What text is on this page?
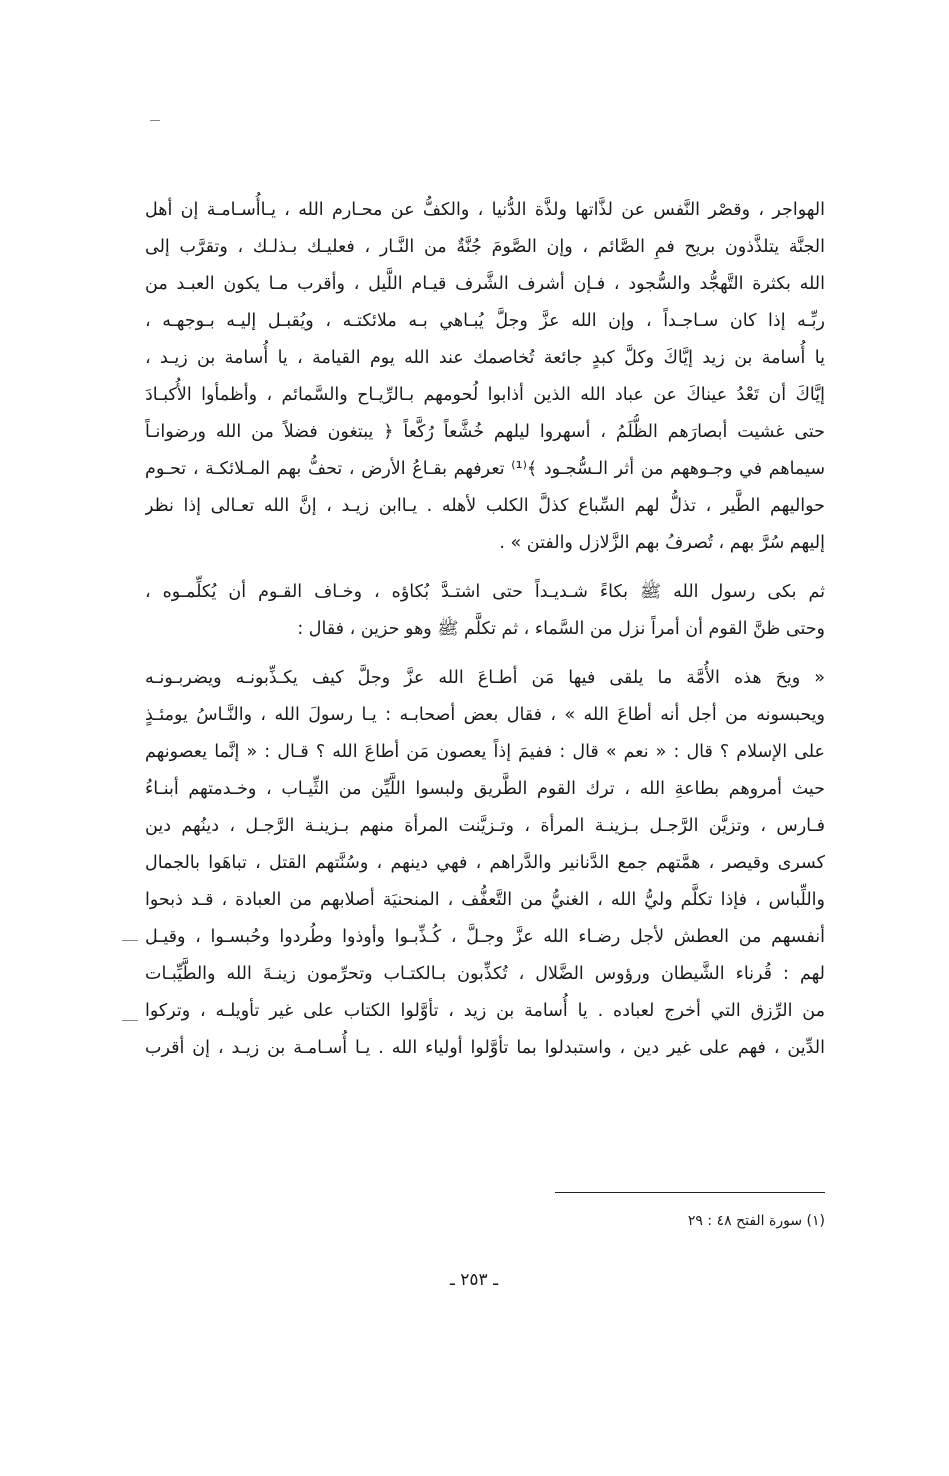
الهواجر ، وقصْر النَّفس عن لذَّاتها ولذَّة الدُّنيا ، والكفُّ عن محـارم الله ، يـاأُسـامـة إن أهل
الجنَّة يتلذَّذون بريح فمِ الصَّائم ، وإن الصَّومَ جُنَّةٌ من النَّـار ، فعليـك بـذلـك ، وتقرَّب إلى
الله بكثرة التَّهجُّد والسُّجود ، فـإن أشرف الشَّرف قيـام اللَّيل ، وأقرب مـا يكون العبـد من
ربِّـه إذا كان سـاجـداً ، وإن الله عزَّ وجلَّ يُبـاهي بـه ملائكتـه ، ويُقبـل إليـه بـوجهـه ،
يا أُسامة بن زيد إيَّاكَ وكلَّ كبدٍ جائعة تُخاصمك عند الله يوم القيامة ، يا أُسامة بن زيـد ،
إيَّاكَ أن تَعْدُ عيناكَ عن عباد الله الذين أذابوا لُحومهم بـالرِّيـاح والسَّمائم ، وأظمأوا الأُكبـادَ
حتى غشيت أبصارَهم الظُّلَمُ ، أسهروا ليلهم خُشَّعاً رُكَّعاً ﴿ يبتغون فضلاً من الله ورضوانـاً
سيماهم في وجـوههم من أثر الـسُّجـود ﴾⁽¹⁾ تعرفهم بقـاعُ الأرض ، تحفُّ بهم المـلائكـة ، تحـوم
حواليهم الطَّير ، تذلُّ لهم السِّباع كذلَّ الكلب لأهله . يـاابن زيـد ، إنَّ الله تعـالى إذا نظر
إليهم سُرَّ بهم ، تُصرفُ بهم الزَّلازل والفتن » .
ثم بكى رسول الله ﷺ بكاءً شـديـداً حتى اشتـدَّ بُكاؤه ، وخـاف القـوم أن يُكلِّمـوه ،
وحتى ظنَّ القوم أن أمراً نزل من السَّماء ، ثم تكلَّم ﷺ وهو حزين ، فقال :
« ويحَ هذه الأُمَّة ما يلقى فيها مَن أطـاعَ الله عزَّ وجلَّ كيف يكـذِّبونـه ويضربـونـه
ويحبسونه من أجل أنه أطاعَ الله » ، فقال بعض أصحابـه : يـا رسولَ الله ، والنَّـاسُ يومئـذٍ
على الإسلام ؟ قال : « نعم » قال : ففيمَ إذاً يعصون مَن أطاعَ الله ؟ قـال : « إنَّما يعصونهم
حيث أمروهم بطاعةِ الله ، ترك القوم الطَّريق ولبسوا اللَّيِّن من الثِّيـاب ، وخـدمتهم أبنـاءُ
فـارس ، وتزيَّن الرَّجـل بـزينـة المرأة ، وتـزيَّنت المرأة منهم بـزينـة الرَّجـل ، دينُهم دين
كسرى وقيصر ، همَّتهم جمع الدَّنانير والدَّراهم ، فهي دينهم ، وسُنَّتهم القتل ، تباهَوا بالجمال
واللِّباس ، فإذا تكلَّم وليُّ الله ، الغنيُّ من التَّعفُّف ، المنحنيَة أصلابهم من العبادة ، قـد ذبحوا
أنفسهم من العطش لأجل رضـاء الله عزَّ وجـلَّ ، كُـذِّبـوا وأوذوا وطُردوا وحُبسـوا ، وقيـل
لهم : قُرناء الشَّيطان ورؤوس الضَّلال ، تُكذِّبون بـالكتـاب وتحرِّمون زينـةَ الله والطَّيِّبـات
من الرِّزق التي أخرج لعباده . يا أُسامة بن زيد ، تأوَّلوا الكتاب على غير تأويلـه ، وتركوا
الدِّين ، فهم على غير دين ، واستبدلوا بما تأوَّلوا أولياء الله . يـا أُسـامـة بن زيـد ، إن أقرب
(١) سورة الفتح ٤٨ : ٢٩
ـ ٢٥٣ ـ
